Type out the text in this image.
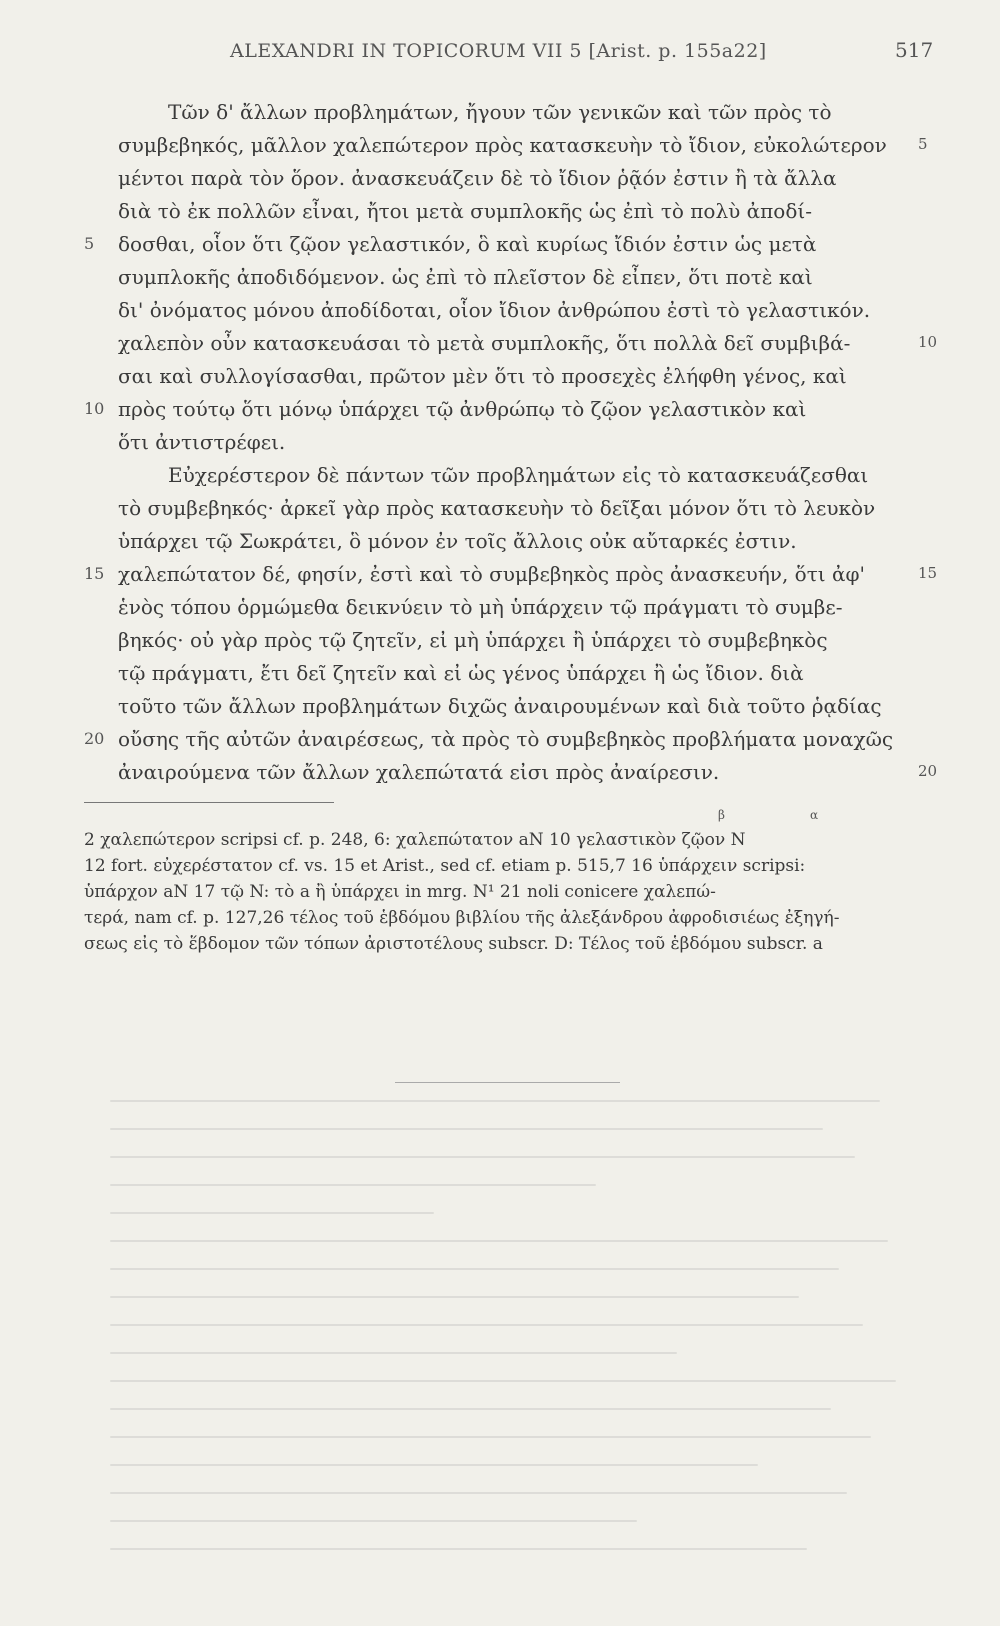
ALEXANDRI IN TOPICORUM VII 5 [Arist. p. 155a22]	517
Τῶν δ' ἄλλων προβλημάτων, ἤγουν τῶν γενικῶν καὶ τῶν πρὸς τὸ
συμβεβηκός, μᾶλλον χαλεπώτερον πρὸς κατασκευὴν τὸ ἴδιον, εὐκολώτερον
μέντοι παρὰ τὸν ὅρον. ἀνασκευάζειν δὲ τὸ ἴδιον ῥᾷόν ἐστιν ἢ τὰ ἄλλα
διὰ τὸ ἐκ πολλῶν εἶναι, ἤτοι μετὰ συμπλοκῆς ὡς ἐπὶ τὸ πολὺ ἀποδί-
δοσθαι, οἷον ὅτι ζῷον γελαστικόν, ὃ καὶ κυρίως ἴδιόν ἐστιν ὡς μετὰ
συμπλοκῆς ἀποδιδόμενον. ὡς ἐπὶ τὸ πλεῖστον δὲ εἶπεν, ὅτι ποτὲ καὶ
δι' ὀνόματος μόνου ἀποδίδοται, οἷον ἴδιον ἀνθρώπου ἐστὶ τὸ γελαστικόν.
χαλεπὸν οὖν κατασκευάσαι τὸ μετὰ συμπλοκῆς, ὅτι πολλὰ δεῖ συμβιβά-
σαι καὶ συλλογίσασθαι, πρῶτον μὲν ὅτι τὸ προσεχὲς ἐλήφθη γένος, καὶ
πρὸς τούτῳ ὅτι μόνῳ ὑπάρχει τῷ ἀνθρώπῳ τὸ ζῷον γελαστικὸν καὶ
ὅτι ἀντιστρέφει.
Εὐχερέστερον δὲ πάντων τῶν προβλημάτων εἰς τὸ κατασκευάζεσθαι
τὸ συμβεβηκός· ἀρκεῖ γὰρ πρὸς κατασκευὴν τὸ δεῖξαι μόνον ὅτι τὸ λευκὸν
ὑπάρχει τῷ Σωκράτει, ὃ μόνον ἐν τοῖς ἄλλοις οὐκ αὔταρκές ἐστιν.
χαλεπώτατον δέ, φησίν, ἐστὶ καὶ τὸ συμβεβηκὸς πρὸς ἀνασκευήν, ὅτι ἀφ'
ἑνὸς τόπου ὁρμώμεθα δεικνύειν τὸ μὴ ὑπάρχειν τῷ πράγματι τὸ συμβε-
βηκός· οὐ γὰρ πρὸς τῷ ζητεῖν, εἰ μὴ ὑπάρχει ἢ ὑπάρχει τὸ συμβεβηκὸς
τῷ πράγματι, ἔτι δεῖ ζητεῖν καὶ εἰ ὡς γένος ὑπάρχει ἢ ὡς ἴδιον. διὰ
τοῦτο τῶν ἄλλων προβλημάτων διχῶς ἀναιρουμένων καὶ διὰ τοῦτο ῥᾳδίας
οὔσης τῆς αὐτῶν ἀναιρέσεως, τὰ πρὸς τὸ συμβεβηκὸς προβλήματα μοναχῶς
ἀναιρούμενα τῶν ἄλλων χαλεπώτατά εἰσι πρὸς ἀναίρεσιν.
5
10
15
20
5
10
15
20
β	α
2 χαλεπώτερον scripsi cf. p. 248, 6: χαλεπώτατον aN 10 γελαστικὸν ζῷον N
12 fort. εὐχερέστατον cf. vs. 15 et Arist., sed cf. etiam p. 515,7 16 ὑπάρχειν scripsi:
ὑπάρχον aN 17 τῷ N: τὸ a ἢ ὑπάρχει in mrg. N¹ 21 noli conicere χαλεπώ-
τερά, nam cf. p. 127,26 τέλος τοῦ ἑβδόμου βιβλίου τῆς ἀλεξάνδρου ἀφροδισιέως ἐξηγή-
σεως εἰς τὸ ἕβδομον τῶν τόπων ἀριστοτέλους subscr. D: Τέλος τοῦ ἑβδόμου subscr. a
